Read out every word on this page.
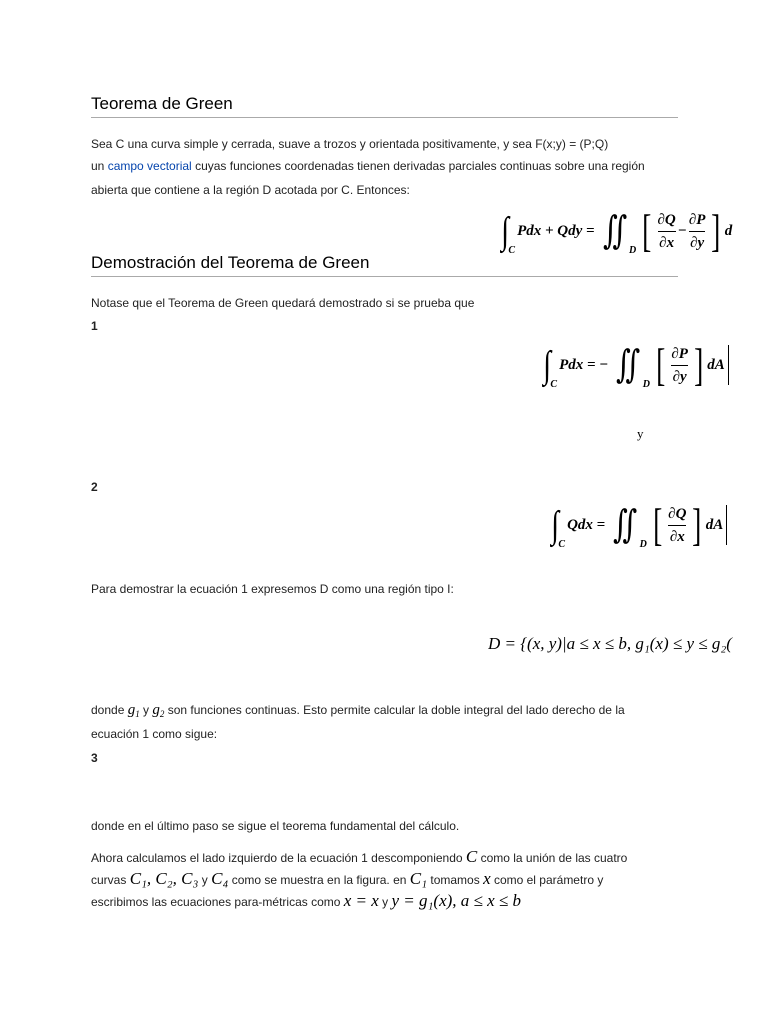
Teorema de Green
Sea C una curva simple y cerrada, suave a trozos y orientada positivamente, y sea F(x;y) = (P;Q)
un campo vectorial cuyas funciones coordenadas tienen derivadas parciales continuas sobre una región
abierta que contiene a la región D acotada por C. Entonces:
∫ C
Pdx + Qdy = ∬ D [ $\frac{\partial Q}{\partial x} - \frac{\partial P}{\partial y}$ ] d
Demostración del Teorema de Green
Notase que el Teorema de Green quedará demostrado si se prueba que
1
∫ C
Pdx = − ∬ D [ $\frac{\partial P}{\partial y}$ ] dA
y
2
∫ C
Qdx = ∬ D [ $\frac{\partial Q}{\partial x}$ ] dA
Para demostrar la ecuación 1 expresemos D como una región tipo I:
D = {(x, y)|a ≤ x ≤ b, g₁(x) ≤ y ≤ g₂(
donde $g_1$ y $g_2$ son funciones continuas. Esto permite calcular la doble integral del lado derecho de la
ecuación 1 como sigue:
3
donde en el último paso se sigue el teorema fundamental del cálculo.
Ahora calculamos el lado izquierdo de la ecuación 1 descomponiendo C como la unión de las cuatro
curvas C₁, C₂, C₃ y C₄ como se muestra en la figura. en C₁ tomamos x como el parámetro y
escribimos las ecuaciones para-métricas como x = x y y = g₁(x), a ≤ x ≤ b
